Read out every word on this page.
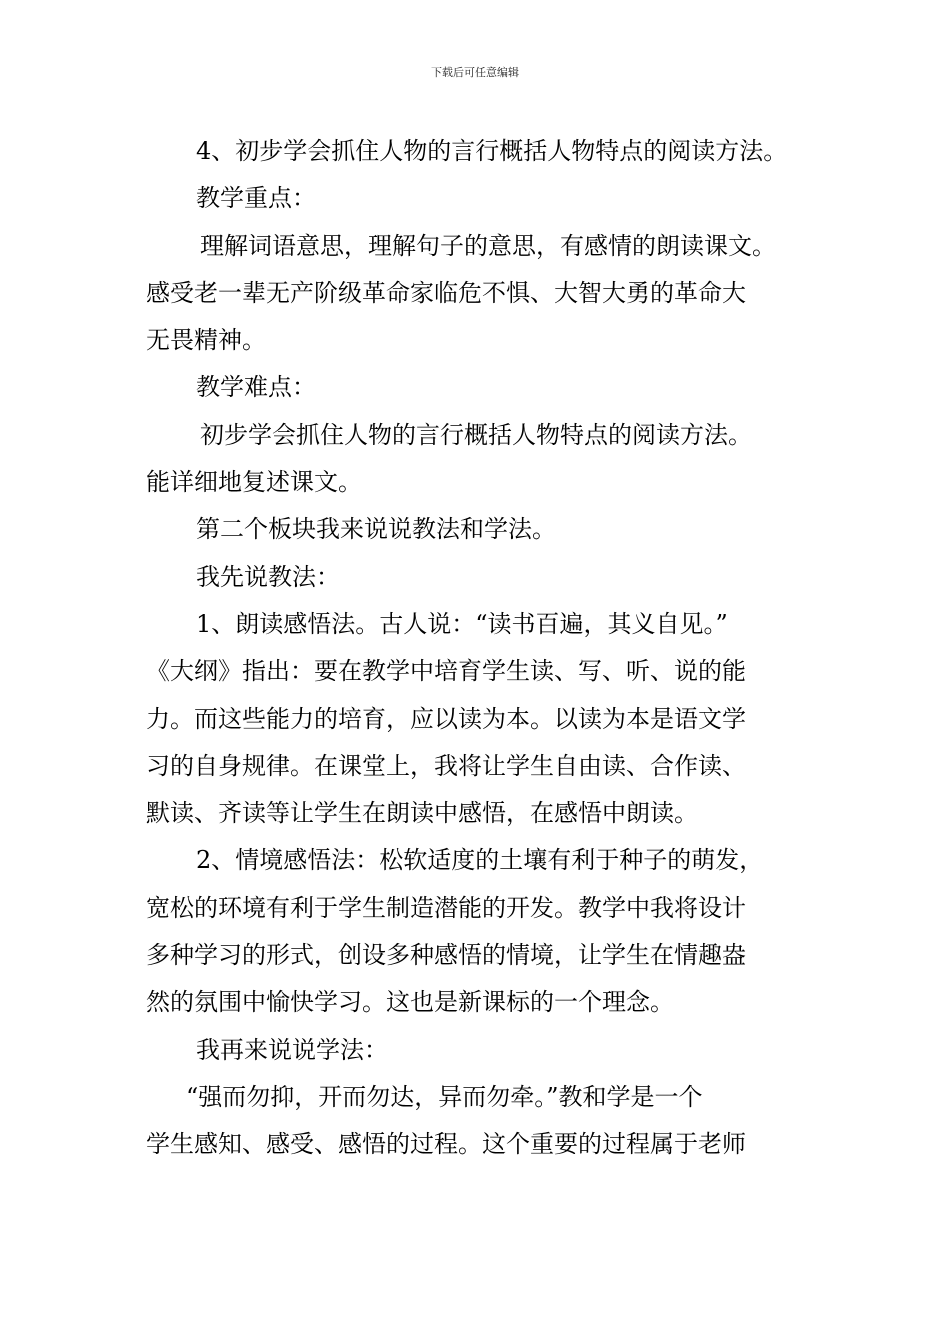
下载后可任意编辑
4、初步学会抓住人物的言行概括人物特点的阅读方法。
教学重点：
理解词语意思，理解句子的意思，有感情的朗读课文。
感受老一辈无产阶级革命家临危不惧、大智大勇的革命大
无畏精神。
教学难点：
初步学会抓住人物的言行概括人物特点的阅读方法。
能详细地复述课文。
第二个板块我来说说教法和学法。
我先说教法：
1、朗读感悟法。古人说：“读书百遍，其义自见。”
《大纲》指出：要在教学中培育学生读、写、听、说的能
力。而这些能力的培育，应以读为本。以读为本是语文学
习的自身规律。在课堂上，我将让学生自由读、合作读、
默读、齐读等让学生在朗读中感悟，在感悟中朗读。
2、情境感悟法：松软适度的土壤有利于种子的萌发，
宽松的环境有利于学生制造潜能的开发。教学中我将设计
多种学习的形式，创设多种感悟的情境，让学生在情趣盎
然的氛围中愉快学习。这也是新课标的一个理念。
我再来说说学法：
“强而勿抑，开而勿达，异而勿牵。”教和学是一个
学生感知、感受、感悟的过程。这个重要的过程属于老师
